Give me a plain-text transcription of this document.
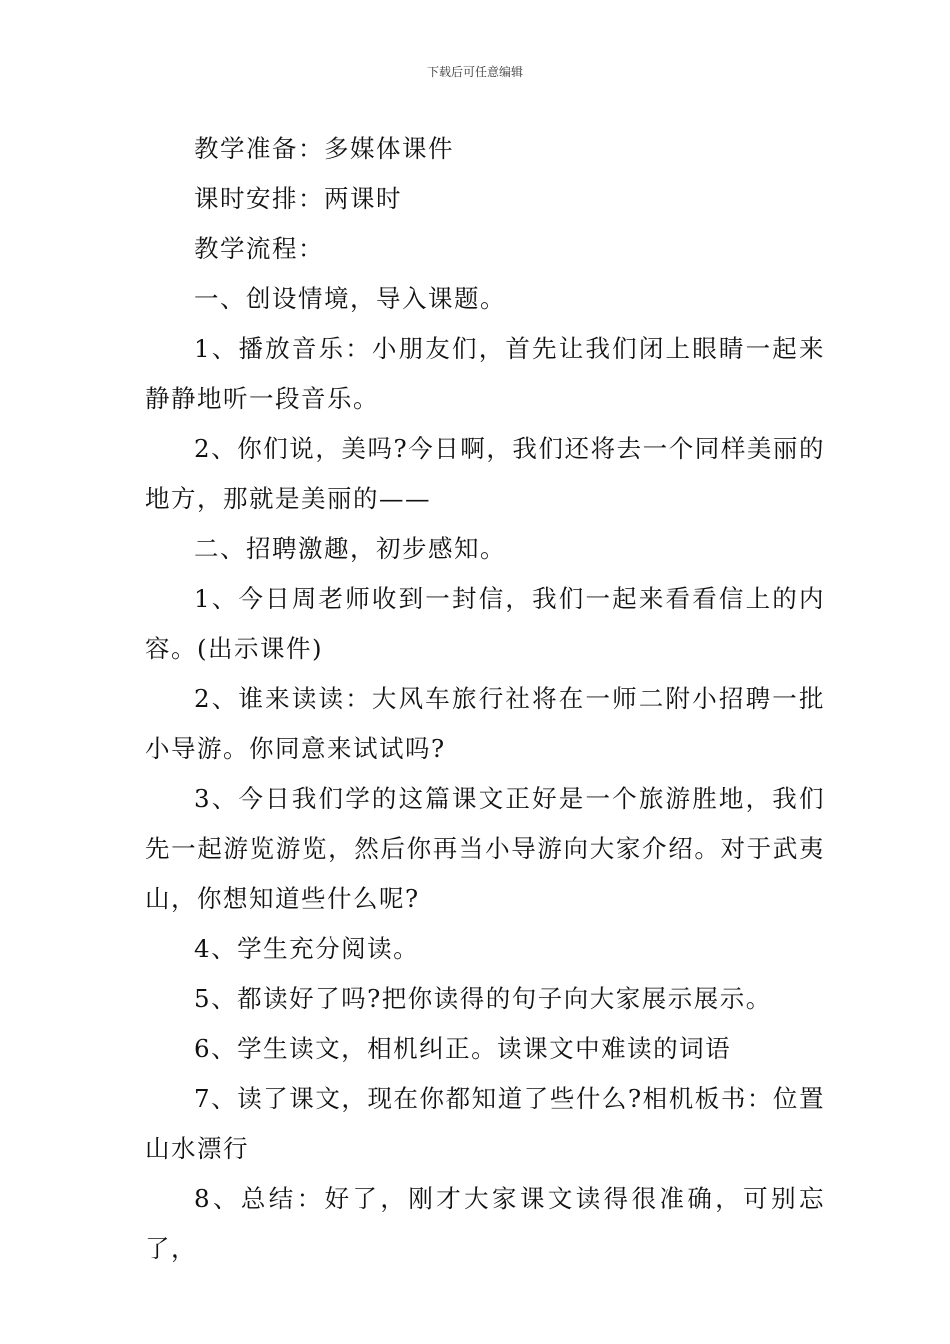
下载后可任意编辑

教学准备：多媒体课件

课时安排：两课时

教学流程：

一、创设情境，导入课题。

1、播放音乐：小朋友们，首先让我们闭上眼睛一起来静静地听一段音乐。

2、你们说，美吗?今日啊，我们还将去一个同样美丽的地方，那就是美丽的——

二、招聘激趣，初步感知。

1、今日周老师收到一封信，我们一起来看看信上的内容。(出示课件)

2、谁来读读：大风车旅行社将在一师二附小招聘一批小导游。你同意来试试吗?

3、今日我们学的这篇课文正好是一个旅游胜地，我们先一起游览游览，然后你再当小导游向大家介绍。对于武夷山，你想知道些什么呢?

4、学生充分阅读。

5、都读好了吗?把你读得的句子向大家展示展示。

6、学生读文，相机纠正。读课文中难读的词语

7、读了课文，现在你都知道了些什么?相机板书：位置山水漂行

8、总结：好了，刚才大家课文读得很准确，可别忘了，
